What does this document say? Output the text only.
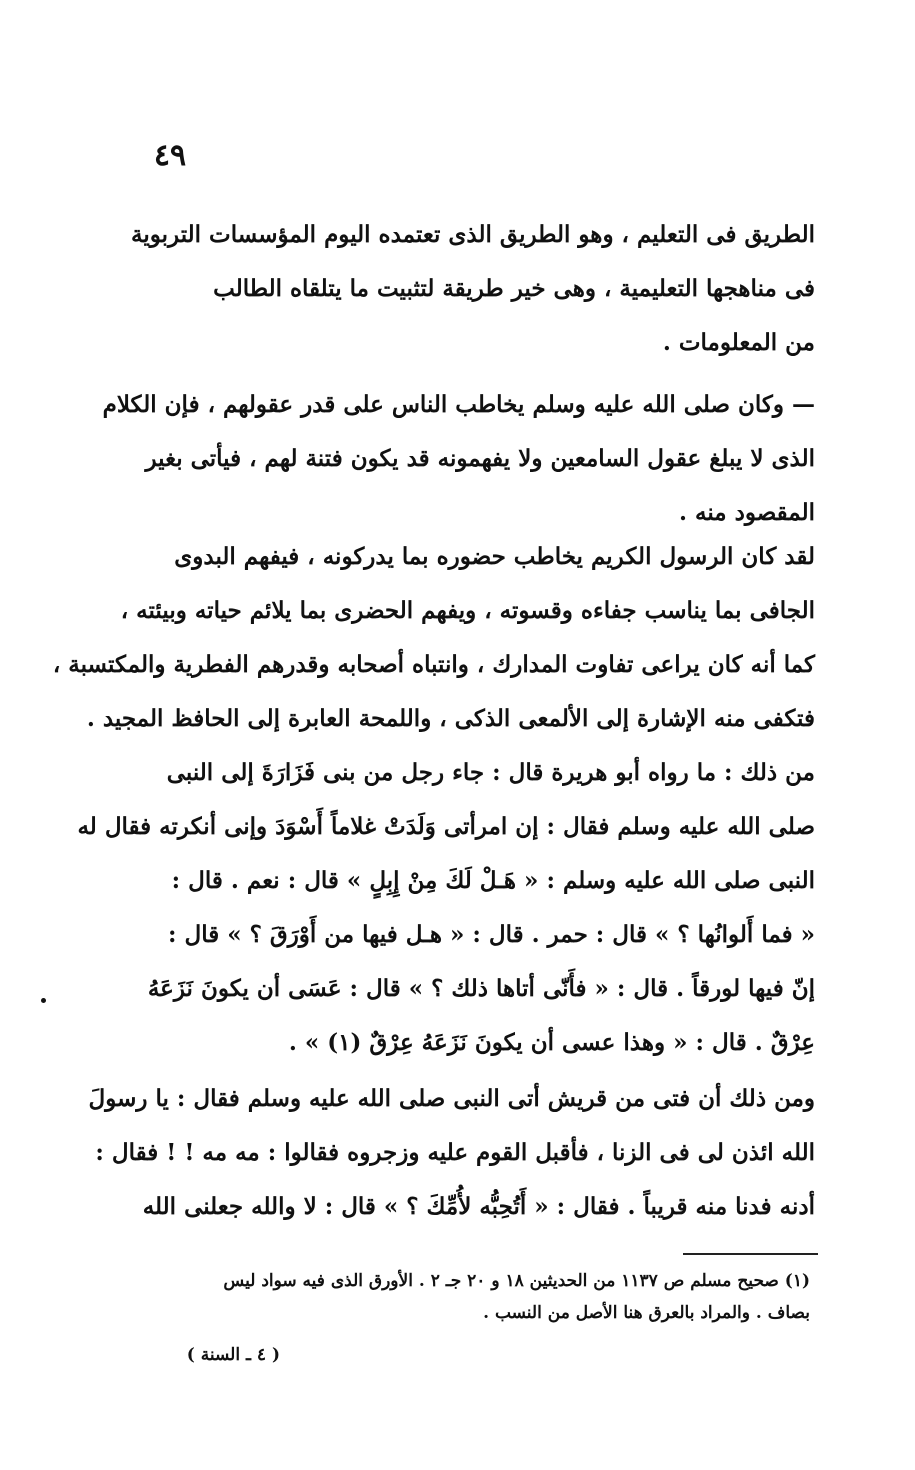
٤٩

الطريق فى التعليم ، وهو الطريق الذى تعتمده اليوم المؤسسات التربوية
فى مناهجها التعليمية ، وهى خير طريقة لتثبيت ما يتلقاه الطالب
من المعلومات .

— وكان صلى الله عليه وسلم يخاطب الناس على قدر عقولهم ، فإن الكلام
الذى لا يبلغ عقول السامعين ولا يفهمونه قد يكون فتنة لهم ، فيأتى بغير
المقصود منه .

لقد كان الرسول الكريم يخاطب حضوره بما يدركونه ، فيفهم البدوى
الجافى بما يناسب جفاءه وقسوته ، ويفهم الحضرى بما يلائم حياته وبيئته ،
كما أنه كان يراعى تفاوت المدارك ، وانتباه أصحابه وقدرهم الفطرية والمكتسبة ،
فتكفى منه الإشارة إلى الألمعى الذكى ، واللمحة العابرة إلى الحافظ المجيد .
من ذلك : ما رواه أبو هريرة قال : جاء رجل من بنى فَزَارَةَ إلى النبى
صلى الله عليه وسلم فقال : إن امرأتى وَلَدَتْ غلاماً أَسْوَدَ وإنى أنكرته فقال له
النبى صلى الله عليه وسلم : « هَـلْ لَكَ مِنْ إِبِلٍ » قال : نعم . قال :
« فما أَلوانُها ؟ » قال : حمر . قال : « هـل فيها من أَوْرَقَ ؟ » قال :
إنّ فيها لورقاً . قال : « فأَنّى أتاها ذلك ؟ » قال : عَسَى أن يكونَ نَزَعَهُ
عِرْقٌ . قال : « وهذا عسى أن يكونَ نَزَعَهُ عِرْقٌ (١) » .

ومن ذلك أن فتى من قريش أتى النبى صلى الله عليه وسلم فقال : يا رسولَ
الله ائذن لى فى الزنا ، فأقبل القوم عليه وزجروه فقالوا : مه مه ! ! فقال :
أدنه فدنا منه قريباً . فقال : « أَتُحِبُّه لأُمِّكَ ؟ » قال : لا والله جعلنى الله

(١) صحيح مسلم ص ١١٣٧ من الحديثين ١٨ و ٢٠ جـ ٢ . الأورق الذى فيه سواد ليس
بصاف . والمراد بالعرق هنا الأصل من النسب .
( ٤ ـ السنة )
